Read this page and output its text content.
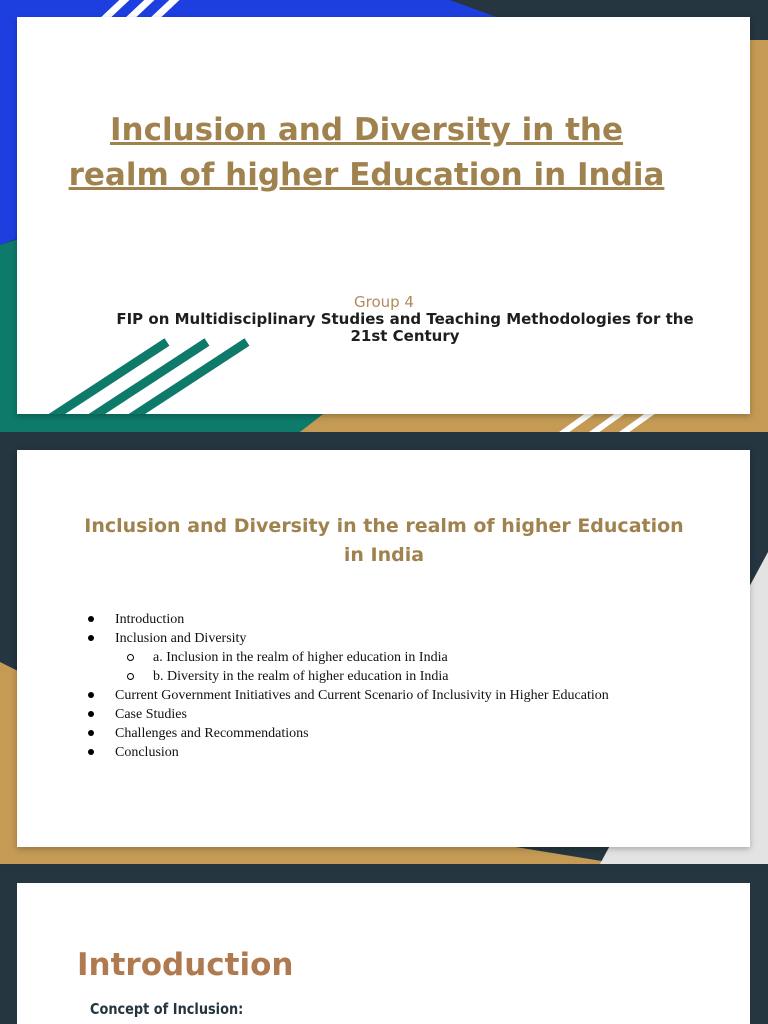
Inclusion and Diversity in the realm of higher Education in India
Group 4
FIP on Multidisciplinary Studies and Teaching Methodologies for the 21st Century
Inclusion and Diversity in the realm of higher Education in India
Introduction
Inclusion and Diversity
a. Inclusion in the realm of higher education in India
b. Diversity in the realm of higher education in India
Current Government Initiatives and Current Scenario of Inclusivity in Higher Education
Case Studies
Challenges and Recommendations
Conclusion
Introduction
Concept of Inclusion:
